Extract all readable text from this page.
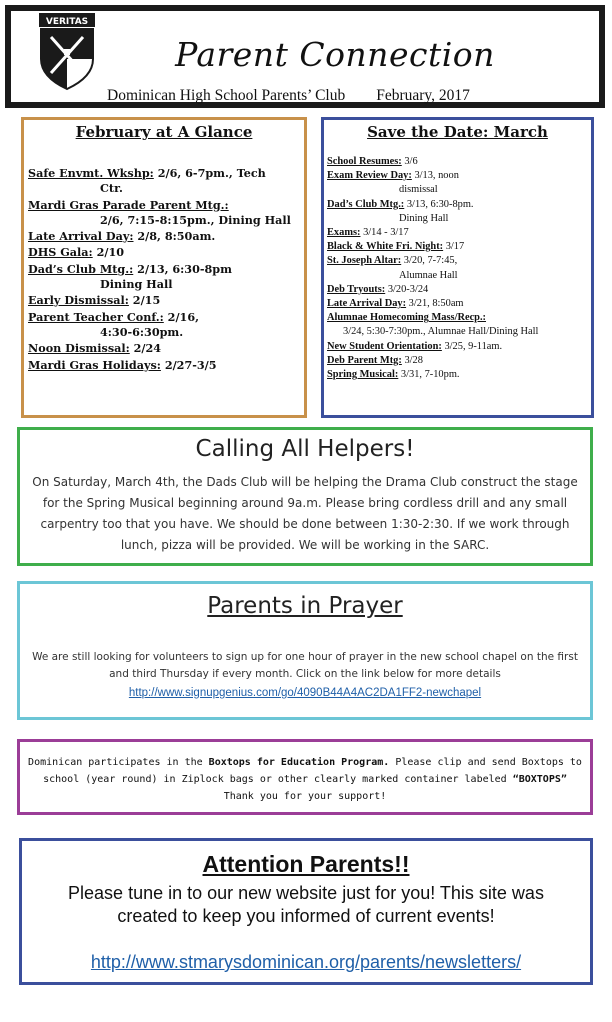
VERITAS
Parent Connection
Dominican High School Parents’ Club February, 2017
February at A Glance
Safe Envmt. Wkshp: 2/6, 6-7pm., Tech
Ctr.
Mardi Gras Parade Parent Mtg.:
2/6, 7:15-8:15pm., Dining Hall
Late Arrival Day: 2/8, 8:50am.
DHS Gala: 2/10
Dad’s Club Mtg.: 2/13, 6:30-8pm
Dining Hall
Early Dismissal: 2/15
Parent Teacher Conf.: 2/16,
4:30-6:30pm.
Noon Dismissal: 2/24
Mardi Gras Holidays: 2/27-3/5
Save the Date: March
School Resumes: 3/6
Exam Review Day: 3/13, noon
dismissal
Dad’s Club Mtg.: 3/13, 6:30-8pm.
Dining Hall
Exams: 3/14 - 3/17
Black & White Fri. Night: 3/17
St. Joseph Altar: 3/20, 7-7:45,
Alumnae Hall
Deb Tryouts: 3/20-3/24
Late Arrival Day: 3/21, 8:50am
Alumnae Homecoming Mass/Recp.:
3/24, 5:30-7:30pm., Alumnae Hall/Dining Hall
New Student Orientation: 3/25, 9-11am.
Deb Parent Mtg: 3/28
Spring Musical: 3/31, 7-10pm.
Calling All Helpers!

On Saturday, March 4th, the Dads Club will be helping the Drama Club construct the stage for the Spring Musical beginning around 9a.m. Please bring cordless drill and any small carpentry too that you have. We should be done between 1:30-2:30. If we work through lunch, pizza will be provided. We will be working in the SARC.

Parents in Prayer

We are still looking for volunteers to sign up for one hour of prayer in the new school chapel on the first and third Thursday if every month. Click on the link below for more details

http://www.signupgenius.com/go/4090B44A4AC2DA1FF2-newchapel

Dominican participates in the Boxtops for Education Program. Please clip and send Boxtops to school (year round) in Ziplock bags or other clearly marked container labeled “BOXTOPS” Thank you for your support!

Attention Parents!!

Please tune in to our new website just for you! This site was created to keep you informed of current events!

http://www.stmarysdominican.org/parents/newsletters/
